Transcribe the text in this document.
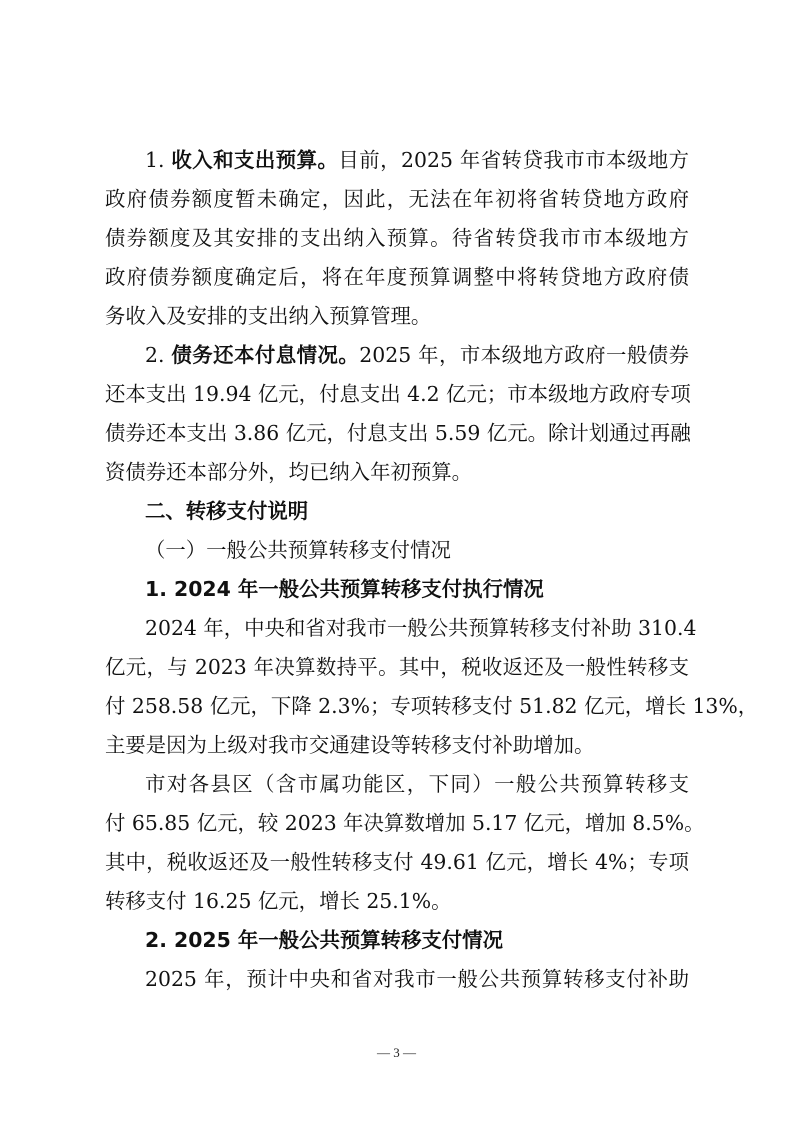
1. 收入和支出预算。目前，2025 年省转贷我市市本级地方
政府债券额度暂未确定，因此，无法在年初将省转贷地方政府
债券额度及其安排的支出纳入预算。待省转贷我市市本级地方
政府债券额度确定后，将在年度预算调整中将转贷地方政府债
务收入及安排的支出纳入预算管理。
2. 债务还本付息情况。2025 年，市本级地方政府一般债券
还本支出 19.94 亿元，付息支出 4.2 亿元；市本级地方政府专项
债券还本支出 3.86 亿元，付息支出 5.59 亿元。除计划通过再融
资债券还本部分外，均已纳入年初预算。
二、转移支付说明
（一）一般公共预算转移支付情况
1. 2024 年一般公共预算转移支付执行情况
2024 年，中央和省对我市一般公共预算转移支付补助 310.4
亿元，与 2023 年决算数持平。其中，税收返还及一般性转移支
付 258.58 亿元，下降 2.3%；专项转移支付 51.82 亿元，增长 13%，
主要是因为上级对我市交通建设等转移支付补助增加。
市对各县区（含市属功能区，下同）一般公共预算转移支
付 65.85 亿元，较 2023 年决算数增加 5.17 亿元，增加 8.5%。
其中，税收返还及一般性转移支付 49.61 亿元，增长 4%；专项
转移支付 16.25 亿元，增长 25.1%。
2. 2025 年一般公共预算转移支付情况
2025 年，预计中央和省对我市一般公共预算转移支付补助
— 3 —
